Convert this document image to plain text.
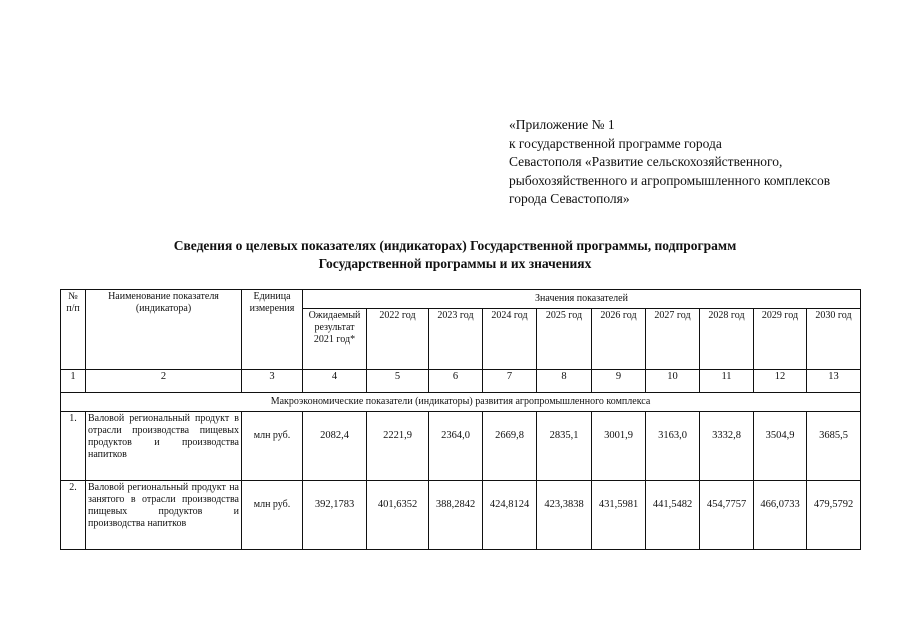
«Приложение № 1
к государственной программе города
Севастополя «Развитие сельскохозяйственного,
рыбохозяйственного и агропромышленного комплексов
города Севастополя»
Сведения о целевых показателях (индикаторах) Государственной программы, подпрограмм
Государственной программы и их значениях
№ п/п	Наименование показателя (индикатора)	Единица измерения	Значения показателей									
			Ожидаемый результат 2021 год*	2022 год	2023 год	2024 год	2025 год	2026 год	2027 год	2028 год	2029 год	2030 год
1	2	3	4	5	6	7	8	9	10	11	12	13
Макроэкономические показатели (индикаторы) развития агропромышленного комплекса												
1.	Валовой региональный продукт в отрасли производства пищевых продуктов и производства напитков	млн руб.	2082,4	2221,9	2364,0	2669,8	2835,1	3001,9	3163,0	3332,8	3504,9	3685,5
2.	Валовой региональный продукт на занятого в отрасли производства пищевых продуктов и производства напитков	млн руб.	392,1783	401,6352	388,2842	424,8124	423,3838	431,5981	441,5482	454,7757	466,0733	479,5792
